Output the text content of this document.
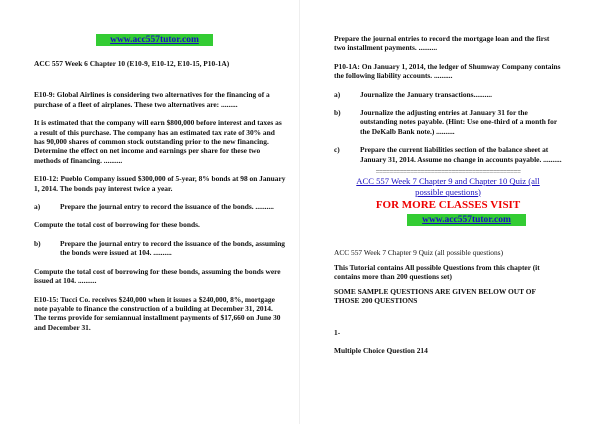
www.acc557tutor.com

ACC 557 Week 6 Chapter 10 (E10-9, E10-12, E10-15, P10-1A)

E10-9: Global Airlines is considering two alternatives for the financing of a purchase of a fleet of airplanes. These two alternatives are: .........

It is estimated that the company will earn $800,000 before interest and taxes as a result of this purchase. The company has an estimated tax rate of 30% and has 90,000 shares of common stock outstanding prior to the new financing.

Determine the effect on net income and earnings per share for these two methods of financing. ..........

E10-12: Pueblo Company issued $300,000 of 5-year, 8% bonds at 98 on January 1, 2014. The bonds pay interest twice a year.

a)	Prepare the journal entry to record the issuance of the bonds. ..........

Compute the total cost of borrowing for these bonds.

b)	Prepare the journal entry to record the issuance of the bonds, assuming the bonds were issued at 104. ..........

Compute the total cost of borrowing for these bonds, assuming the bonds were issued at 104. ..........

E10-15: Tucci Co. receives $240,000 when it issues a $240,000, 8%, mortgage note payable to finance the construction of a building at December 31, 2014. The terms provide for semiannual installment payments of $17,660 on June 30 and December 31.

Prepare the journal entries to record the mortgage loan and the first two installment payments. ..........

P10-1A: On January 1, 2014, the ledger of Shumway Company contains the following liability accounts. ..........

a)	Journalize the January transactions..........

b)	Journalize the adjusting entries at January 31 for the outstanding notes payable. (Hint: Use one-third of a month for the DeKalb Bank note.) ..........

c)	Prepare the current liabilities section of the balance sheet at January 31, 2014. Assume no change in accounts payable. ..........

==========================================

ACC 557 Week 7 Chapter 9 and Chapter 10 Quiz (all possible questions)

FOR MORE CLASSES VISIT

www.acc557tutor.com

ACC 557 Week 7 Chapter 9 Quiz (all possible questions)

This Tutorial contains All possible Questions from this chapter (it contains more than 200 questions set)

SOME SAMPLE QUESTIONS ARE GIVEN BELOW OUT OF THOSE 200 QUESTIONS

1-

Multiple Choice Question 214
